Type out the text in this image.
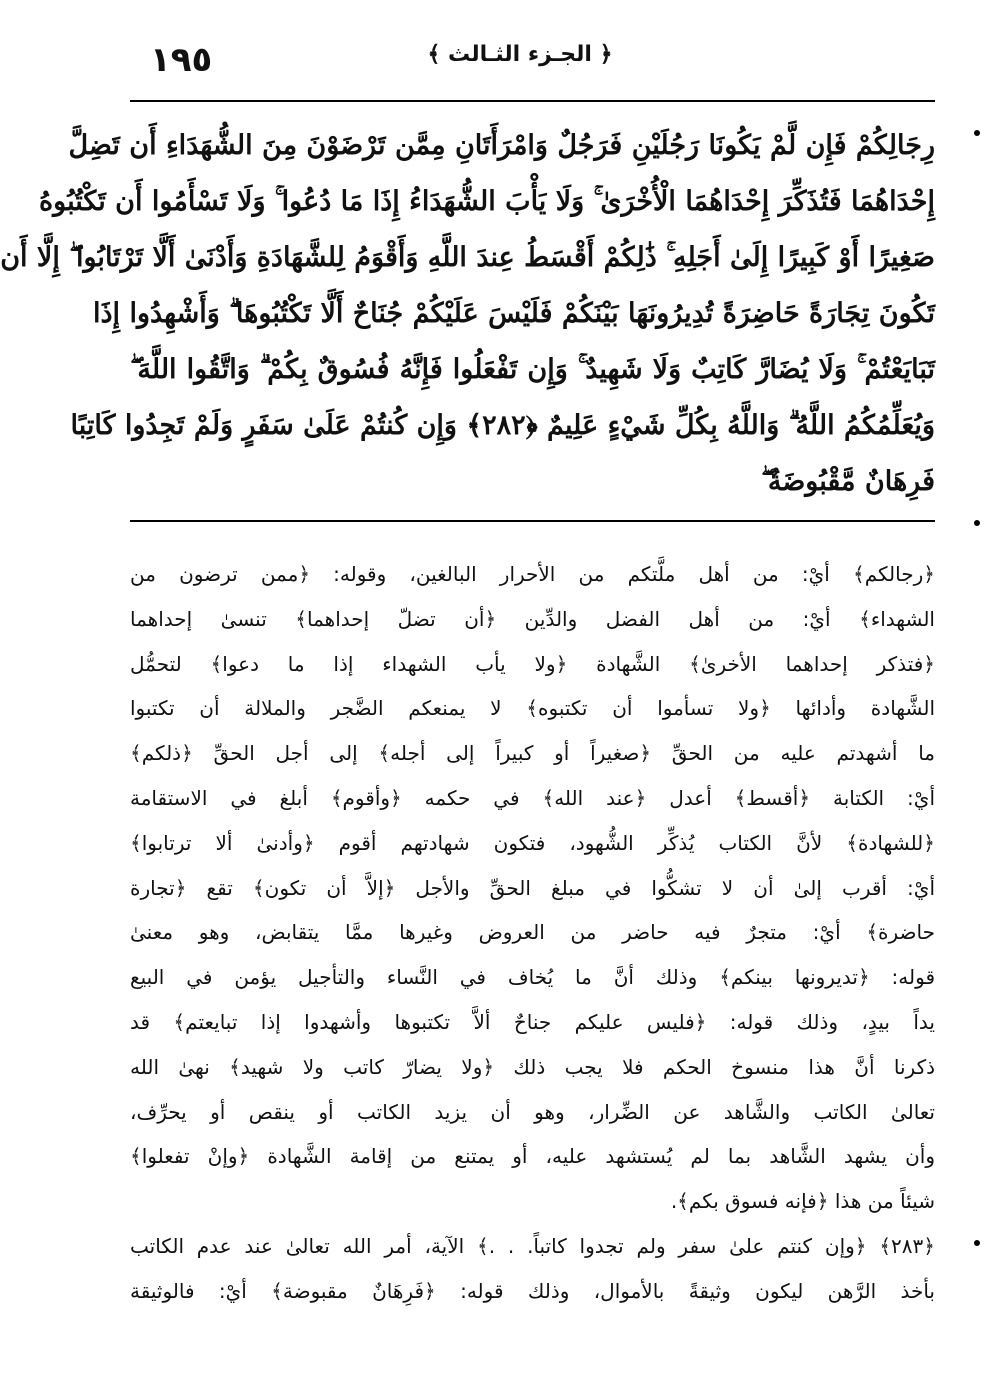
١٩٥	﴿ الجـزء الثـالث ﴾
رِجَالِكُمْ فَإِن لَّمْ يَكُونَا رَجُلَيْنِ فَرَجُلٌ وَامْرَأَتَانِ مِمَّن تَرْضَوْنَ مِنَ الشُّهَدَاءِ أَن تَضِلَّ
إِحْدَاهُمَا فَتُذَكِّرَ إِحْدَاهُمَا الْأُخْرَىٰ ۚ وَلَا يَأْبَ الشُّهَدَاءُ إِذَا مَا دُعُوا ۚ وَلَا تَسْأَمُوا أَن تَكْتُبُوهُ
صَغِيرًا أَوْ كَبِيرًا إِلَىٰ أَجَلِهِ ۚ ذَٰلِكُمْ أَقْسَطُ عِندَ اللَّهِ وَأَقْوَمُ لِلشَّهَادَةِ وَأَدْنَىٰ أَلَّا تَرْتَابُوا ۖ إِلَّا أَن
تَكُونَ تِجَارَةً حَاضِرَةً تُدِيرُونَهَا بَيْنَكُمْ فَلَيْسَ عَلَيْكُمْ جُنَاحٌ أَلَّا تَكْتُبُوهَا ۗ وَأَشْهِدُوا إِذَا
تَبَايَعْتُمْ ۚ وَلَا يُضَارَّ كَاتِبٌ وَلَا شَهِيدٌ ۚ وَإِن تَفْعَلُوا فَإِنَّهُ فُسُوقٌ بِكُمْ ۗ وَاتَّقُوا اللَّهَ ۖ
وَيُعَلِّمُكُمُ اللَّهُ ۗ وَاللَّهُ بِكُلِّ شَيْءٍ عَلِيمٌ ﴿٢٨٢﴾ وَإِن كُنتُمْ عَلَىٰ سَفَرٍ وَلَمْ تَجِدُوا كَاتِبًا
فَرِهَانٌ مَّقْبُوضَةٌ ۖ
﴿رجالكم﴾ أيْ: من أهل ملَّتكم من الأحرار البالغين، وقوله: ﴿ممن ترضون من
الشهداء﴾ أيْ: من أهل الفضل والدِّين ﴿أن تضلّ إحداهما﴾ تنسىٰ إحداهما
﴿فتذكر إحداهما الأخرىٰ﴾ الشَّهادة ﴿ولا يأب الشهداء إذا ما دعوا﴾ لتحمُّل
الشَّهادة وأدائها ﴿ولا تسأموا أن تكتبوه﴾ لا يمنعكم الضَّجر والملالة أن تكتبوا
ما أشهدتم عليه من الحقِّ ﴿صغيراً أو كبيراً إلى أجله﴾ إلى أجل الحقِّ ﴿ذلكم﴾
أيْ: الكتابة ﴿أقسط﴾ أعدل ﴿عند الله﴾ في حكمه ﴿وأقوم﴾ أبلغ في الاستقامة
﴿للشهادة﴾ لأنَّ الكتاب يُذكِّر الشُّهود، فتكون شهادتهم أقوم ﴿وأدنىٰ ألا ترتابوا﴾
أيْ: أقرب إلىٰ أن لا تشكُّوا في مبلغ الحقِّ والأجل ﴿إلاَّ أن تكون﴾ تقع ﴿تجارة
حاضرة﴾ أيْ: متجرٌ فيه حاضر من العروض وغيرها ممَّا يتقابض، وهو معنىٰ
قوله: ﴿تديرونها بينكم﴾ وذلك أنَّ ما يُخاف في النَّساء والتأجيل يؤمن في البيع
يداً بيدٍ، وذلك قوله: ﴿فليس عليكم جناحٌ ألاَّ تكتبوها وأشهدوا إذا تبايعتم﴾ قد
ذكرنا أنَّ هذا منسوخ الحكم فلا يجب ذلك ﴿ولا يضارّ كاتب ولا شهيد﴾ نهىٰ الله
تعالىٰ الكاتب والشَّاهد عن الضِّرار، وهو أن يزيد الكاتب أو ينقص أو يحرِّف،
وأن يشهد الشَّاهد بما لم يُستشهد عليه، أو يمتنع من إقامة الشَّهادة ﴿وإنْ تفعلوا﴾
شيئاً من هذا ﴿فإنه فسوق بكم﴾.
﴿٢٨٣﴾ ﴿وإن كنتم علىٰ سفر ولم تجدوا كاتباً. . .﴾ الآية، أمر الله تعالىٰ عند عدم الكاتب
بأخذ الرَّهن ليكون وثيقةً بالأموال، وذلك قوله: ﴿فَرِهَانٌ مقبوضة﴾ أيْ: فالوثيقة
